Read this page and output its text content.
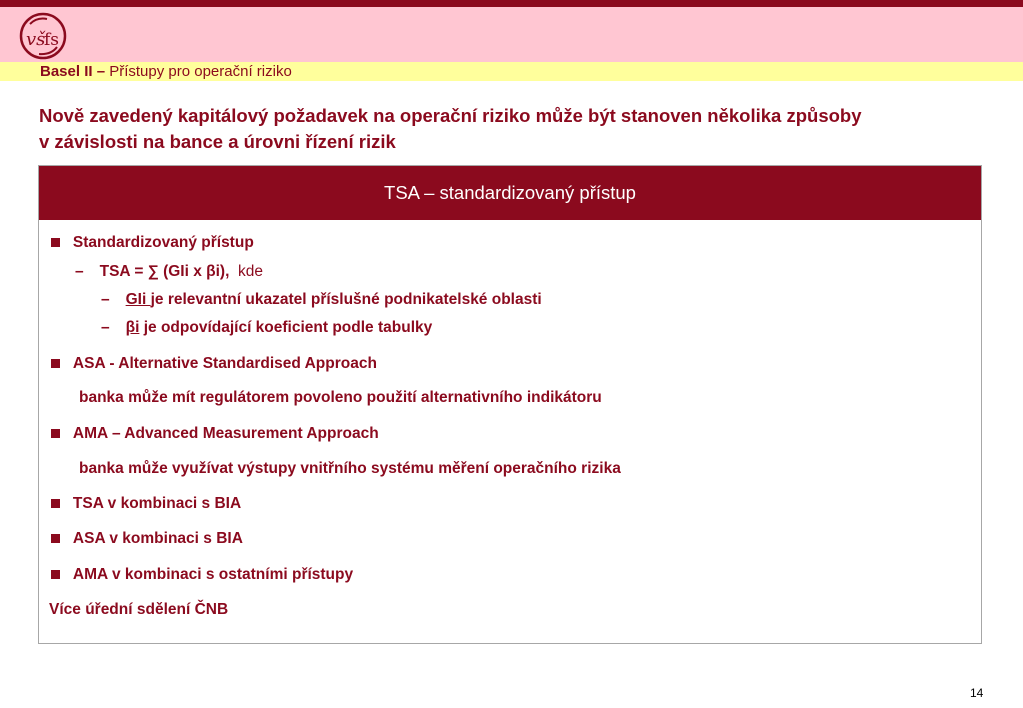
vš
fs
Basel II – Přístupy pro operační riziko
Nově zavedený kapitálový požadavek na operační riziko může být stanoven několika způsoby
v závislosti na bance a úrovni řízení rizik
TSA – standardizovaný přístup
Standardizovaný přístup
– TSA = ∑ (GIi x βi), kde
– GIi je relevantní ukazatel příslušné podnikatelské oblasti
– βi je odpovídající koeficient podle tabulky
ASA - Alternative Standardised Approach
banka může mít regulátorem povoleno použití alternativního indikátoru
AMA – Advanced Measurement Approach
banka může využívat výstupy vnitřního systému měření operačního rizika
TSA v kombinaci s BIA
ASA v kombinaci s BIA
AMA v kombinaci s ostatními přístupy
Více úřední sdělení ČNB
14
